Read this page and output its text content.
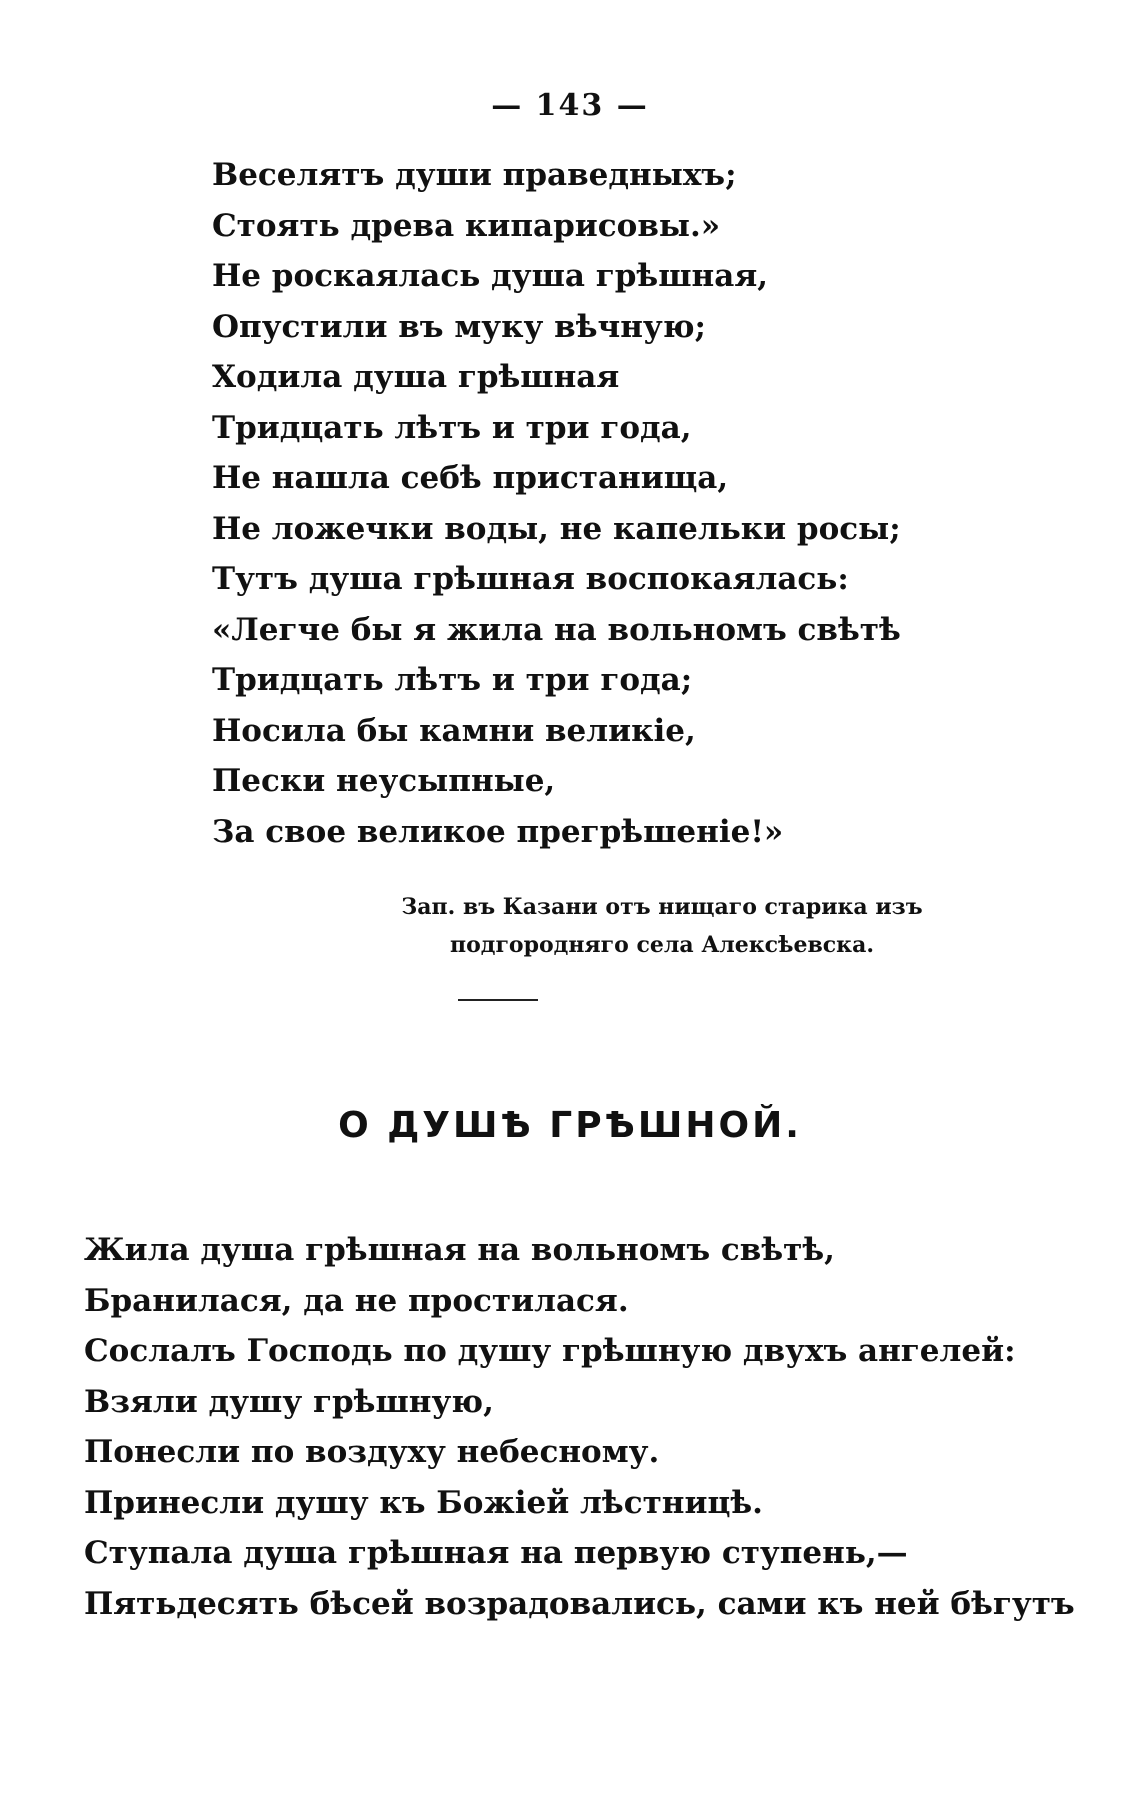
— 143 —
Веселятъ души праведныхъ;
Стоять древа кипарисовы.»
Не роскаялась душа грѣшная,
Опустили въ муку вѣчную;
Ходила душа грѣшная
Тридцать лѣтъ и три года,
Не нашла себѣ пристанища,
Не ложечки воды, не капельки росы;
Тутъ душа грѣшная воспокаялась:
«Легче бы я жила на вольномъ свѣтѣ
Тридцать лѣтъ и три года;
Носила бы камни великіе,
Пески неусыпные,
За свое великое прегрѣшеніе!»
Зап. въ Казани отъ нищаго старика изъ
подгородняго села Алексѣевска.
О ДУШѢ ГРѢШНОЙ.
Жила душа грѣшная на вольномъ свѣтѣ,
Бранилася, да не простилася.
Сослалъ Господь по душу грѣшную двухъ ангелей:
Взяли душу грѣшную,
Понесли по воздуху небесному.
Принесли душу къ Божіей лѣстницѣ.
Ступала душа грѣшная на первую ступень,—
Пятьдесять бѣсей возрадовались, сами къ ней бѣгутъ
